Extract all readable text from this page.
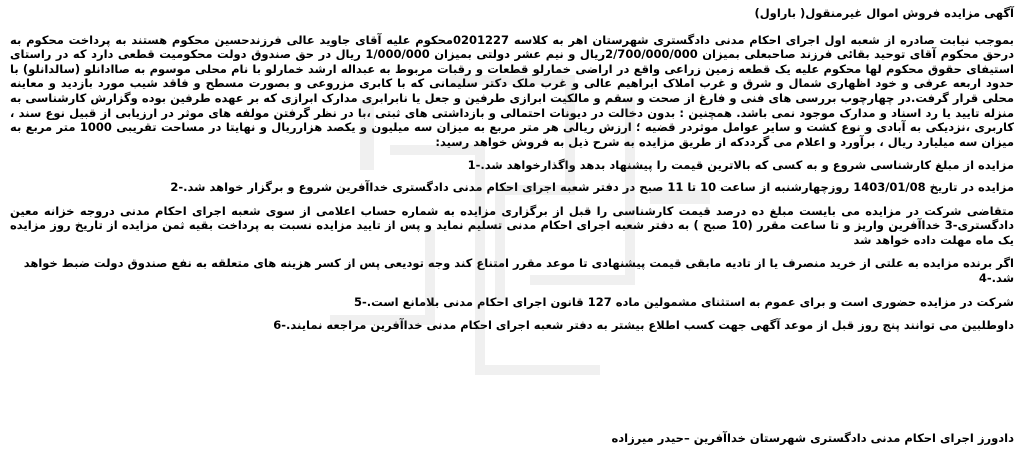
آگهی مزایده فروش اموال غیرمنقول( باراول)

بموجب نیابت صادره از شعبه اول اجرای احکام مدنی دادگستری شهرستان اهر به کلاسه 0201227محکوم علیه آقای جاوید عالی فرزندحسین محکوم هستند به پرداخت محکوم به درحق محکوم آقای توحید بقائی فرزند صاحبعلی بمیزان 2/700/000/000ریال و نیم عشر دولتی بمیزان 1/000/000 ریال در حق صندوق دولت محکومیت قطعی دارد که در راستای استیفای حقوق محکوم لها محکوم علیه یک قطعه زمین زراعی واقع در اراضی خمارلو قطعات و رقبات مربوط به عبداله ارشد خمارلو با نام محلی موسوم به صاادانلو (سالدانلو) با حدود اربعه عرفی و خود اظهاری شمال و شرق و غرب املاک ابراهیم عالی و غرب ملک دکتر سلیمانی که با کابری مزروعی و بصورت مسطح و فاقد شیب مورد بازدید و معاینه محلی قرار گرفت.در چهارچوب بررسی های فنی و فارغ از صحت و سقم و مالکیت ابرازی طرفین و جعل یا نابرابری مدارک ابرازی که بر عهده طرفین بوده وگزارش کارشناسی به منزله تایید یا رد اسناد و مدارک موجود نمی باشد. همچنین : بدون دخالت در دیونات احتمالی و بازداشتی های ثبتی ،با در نظر گرفتن مولفه های موثر در ارزیابی از قبیل نوع سند ، کاربری ،نزدیکی به آبادی و نوع کشت و سایر عوامل موثردر قضیه ؛ ارزش ریالی هر متر مربع به میزان سه میلیون و یکصد هزارریال و نهایتا در مساحت تقریبی 1000 متر مربع به میزان سه میلیارد ریال ، برآورد و اعلام می گرددکه از طریق مزایده به شرح ذیل به فروش خواهد رسید:

مزایده از مبلغ کارشناسی شروع و به کسی که بالاترین قیمت را پیشنهاد بدهد واگذارخواهد شد.-1

مزایده در تاریخ 1403/01/08 روزچهارشنبه از ساعت 10 تا 11 صبح در دفتر شعبه اجرای احکام مدنی دادگستری خداآفرین شروع و برگزار خواهد شد.-2

متقاضی شرکت در مزایده می بایست مبلغ ده درصد قیمت کارشناسی را قبل از برگزاری مزایده به شماره حساب اعلامی از سوی شعبه اجرای احکام مدنی دروجه خزانه معین دادگستری-3 خداآفرین واریز و تا ساعت مقرر (10 صبح ) به دفتر شعبه اجرای احکام مدنی تسلیم نماید و پس از تایید مزایده نسبت به پرداخت بقیه ثمن مزایده از تاریخ روز مزایده یک ماه مهلت داده خواهد شد

اگر برنده مزایده به علتی از خرید منصرف یا از تادیه مابقی قیمت پیشنهادی تا موعد مقرر امتناع کند وجه تودیعی پس از کسر هزینه های متعلقه به نفع صندوق دولت ضبط خواهد شد.-4

شرکت در مزایده حضوری است و برای عموم به استثنای مشمولین ماده 127 قانون اجرای احکام مدنی بلامانع است.-5

داوطلبین می توانند پنج روز قبل از موعد آگهی جهت کسب اطلاع بیشتر به دفتر شعبه اجرای احکام مدنی خداآفرین مراجعه نمایند.-6

دادورز اجرای احکام مدنی دادگستری شهرستان خداآفرین –حیدر میرزاده
